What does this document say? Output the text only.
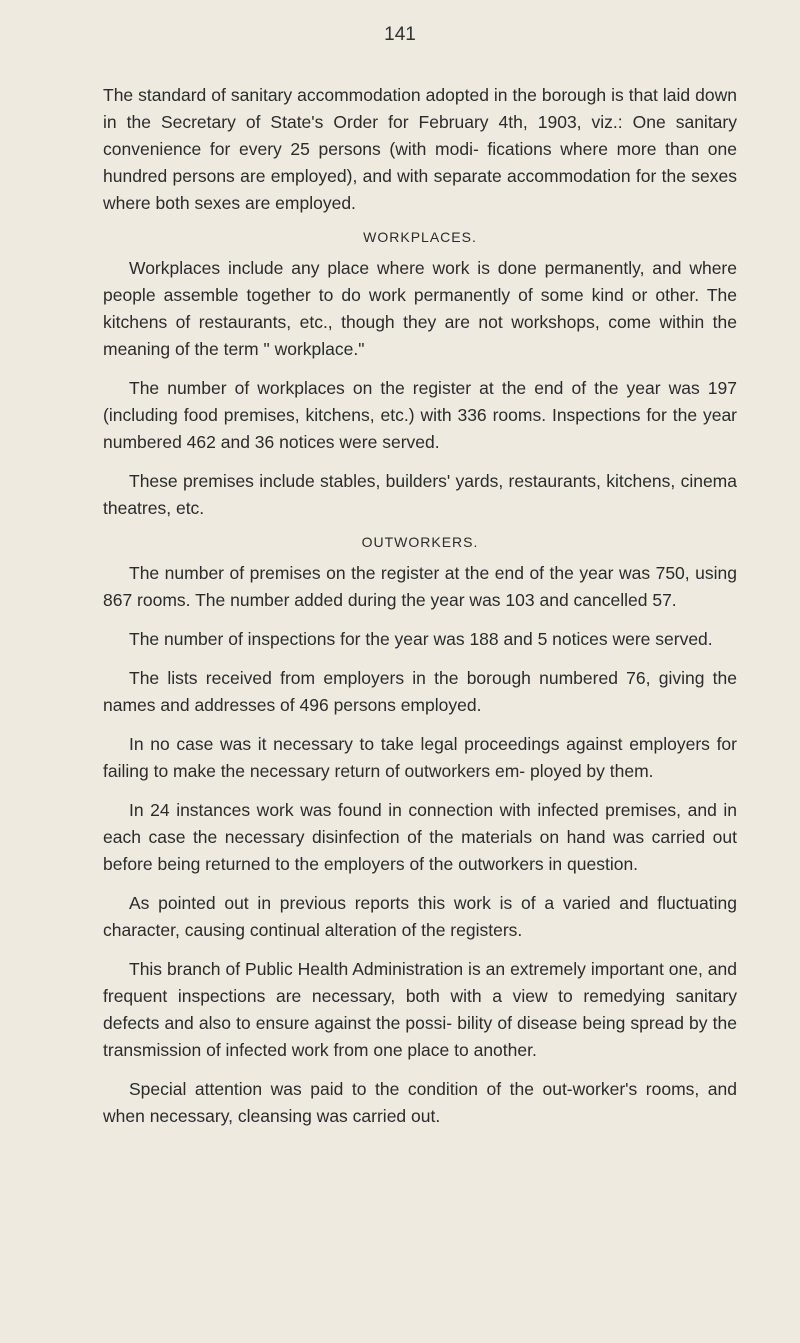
141

The standard of sanitary accommodation adopted in the borough is that laid down in the Secretary of State's Order for February 4th, 1903, viz.: One sanitary convenience for every 25 persons (with modi- fications where more than one hundred persons are employed), and with separate accommodation for the sexes where both sexes are employed.

WORKPLACES.

Workplaces include any place where work is done permanently, and where people assemble together to do work permanently of some kind or other. The kitchens of restaurants, etc., though they are not workshops, come within the meaning of the term " workplace."

The number of workplaces on the register at the end of the year was 197 (including food premises, kitchens, etc.) with 336 rooms. Inspections for the year numbered 462 and 36 notices were served.

These premises include stables, builders' yards, restaurants, kitchens, cinema theatres, etc.

OUTWORKERS.

The number of premises on the register at the end of the year was 750, using 867 rooms. The number added during the year was 103 and cancelled 57.

The number of inspections for the year was 188 and 5 notices were served.

The lists received from employers in the borough numbered 76, giving the names and addresses of 496 persons employed.

In no case was it necessary to take legal proceedings against employers for failing to make the necessary return of outworkers em- ployed by them.

In 24 instances work was found in connection with infected premises, and in each case the necessary disinfection of the materials on hand was carried out before being returned to the employers of the outworkers in question.

As pointed out in previous reports this work is of a varied and fluctuating character, causing continual alteration of the registers.

This branch of Public Health Administration is an extremely important one, and frequent inspections are necessary, both with a view to remedying sanitary defects and also to ensure against the possi- bility of disease being spread by the transmission of infected work from one place to another.

Special attention was paid to the condition of the out-worker's rooms, and when necessary, cleansing was carried out.
